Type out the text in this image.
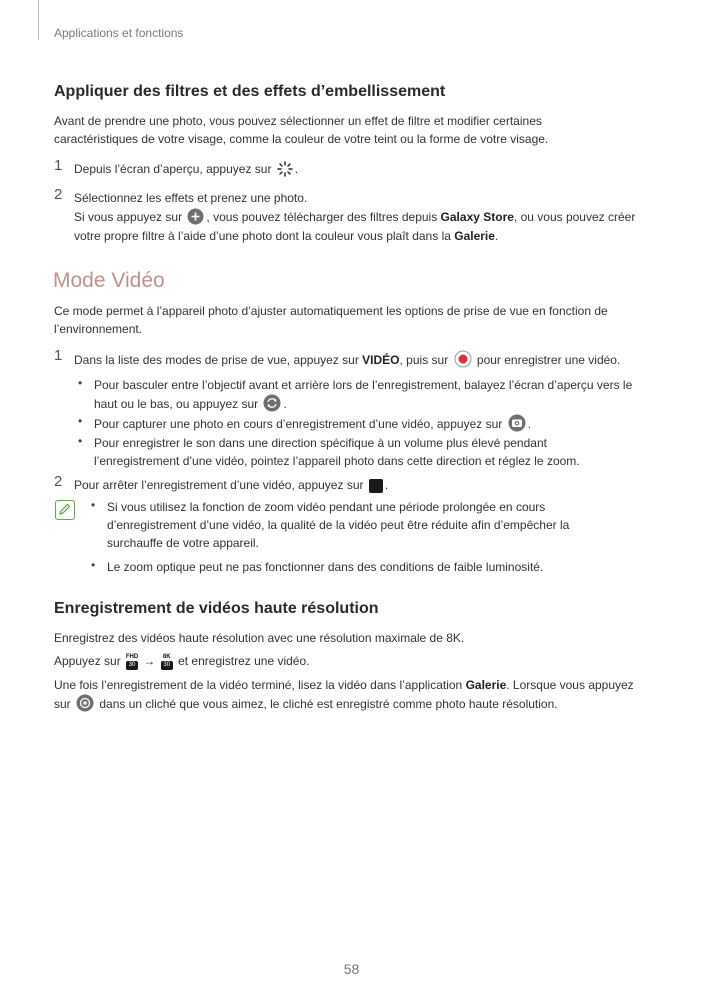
Applications et fonctions
Appliquer des filtres et des effets d’embellissement
Avant de prendre une photo, vous pouvez sélectionner un effet de filtre et modifier certaines
caractéristiques de votre visage, comme la couleur de votre teint ou la forme de votre visage.
1 Depuis l’écran d’aperçu, appuyez sur .
2 Sélectionnez les effets et prenez une photo.
Si vous appuyez sur , vous pouvez télécharger des filtres depuis Galaxy Store, ou vous pouvez créer
votre propre filtre à l’aide d’une photo dont la couleur vous plaît dans la Galerie.
Mode Vidéo
Ce mode permet à l’appareil photo d’ajuster automatiquement les options de prise de vue en fonction de
l’environnement.
1 Dans la liste des modes de prise de vue, appuyez sur VIDÉO, puis sur pour enregistrer une vidéo.
• Pour basculer entre l’objectif avant et arrière lors de l’enregistrement, balayez l’écran d’aperçu vers le
haut ou le bas, ou appuyez sur .
• Pour capturer une photo en cours d’enregistrement d’une vidéo, appuyez sur .
• Pour enregistrer le son dans une direction spécifique à un volume plus élevé pendant
l’enregistrement d’une vidéo, pointez l’appareil photo dans cette direction et réglez le zoom.
2 Pour arrêter l’enregistrement d’une vidéo, appuyez sur .
• Si vous utilisez la fonction de zoom vidéo pendant une période prolongée en cours
d’enregistrement d’une vidéo, la qualité de la vidéo peut être réduite afin d’empêcher la
surchauffe de votre appareil.
• Le zoom optique peut ne pas fonctionner dans des conditions de faible luminosité.
Enregistrement de vidéos haute résolution
Enregistrez des vidéos haute résolution avec une résolution maximale de 8K.
Appuyez sur FHD
30 →	8K
30 et enregistrez une vidéo.
Une fois l’enregistrement de la vidéo terminé, lisez la vidéo dans l’application Galerie. Lorsque vous appuyez
sur dans un cliché que vous aimez, le cliché est enregistré comme photo haute résolution.
58
